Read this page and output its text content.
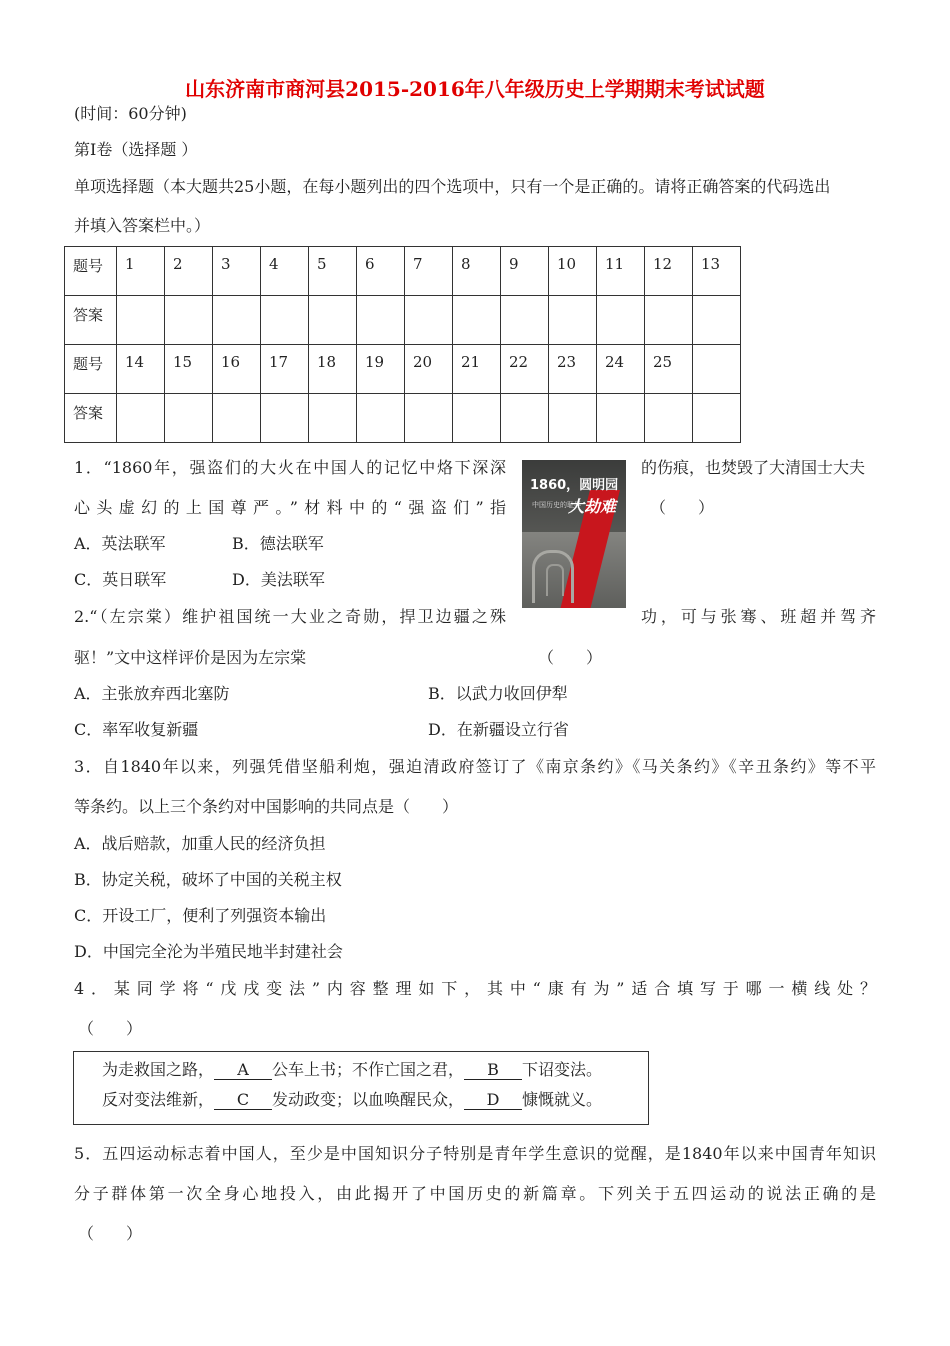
山东济南市商河县2015-2016年八年级历史上学期期末考试试题
(时间：60分钟)
第Ⅰ卷（选择题 ）
单项选择题（本大题共25小题，在每小题列出的四个选项中，只有一个是正确的。请将正确答案的代码选出
并填入答案栏中。）
题号	1	2	3	4	5	6	7	8	9	10	11	12	13
答案													
题号	14	15	16	17	18	19	20	21	22	23	24	25	
答案													
1．“1860年，强盗们的大火在中国人的记忆中烙下深深	的伤痕，也焚毁了大清国士大夫
心头虚幻的上国尊严。”材料中的“强盗们”指	（　　）
A．英法联军	B．德法联军
C．英日联军	D．美法联军
1860，圆明园
中国历史的耻辱
大劫难
2.“（左宗棠）维护祖国统一大业之奇勋，捍卫边疆之殊	功，可与张骞、班超并驾齐
驱！”文中这样评价是因为左宗棠	（　　）
A．主张放弃西北塞防	B．以武力收回伊犁
C．率军收复新疆	D．在新疆设立行省
3．自1840年以来，列强凭借坚船利炮，强迫清政府签订了《南京条约》《马关条约》《辛丑条约》等不平
等条约。以上三个条约对中国影响的共同点是（　　）
A．战后赔款，加重人民的经济负担
B．协定关税，破坏了中国的关税主权
C．开设工厂，便利了列强资本输出
D．中国完全沦为半殖民地半封建社会
4．某同学将“戊戌变法”内容整理如下，其中“康有为”适合填写于哪一横线处？
（　　）
为走救国之路， A 公车上书；不作亡国之君， B 下诏变法。
反对变法维新， C 发动政变；以血唤醒民众， D 慷慨就义。
5．五四运动标志着中国人，至少是中国知识分子特别是青年学生意识的觉醒，是1840年以来中国青年知识
分子群体第一次全身心地投入，由此揭开了中国历史的新篇章。下列关于五四运动的说法正确的是
（　　）
